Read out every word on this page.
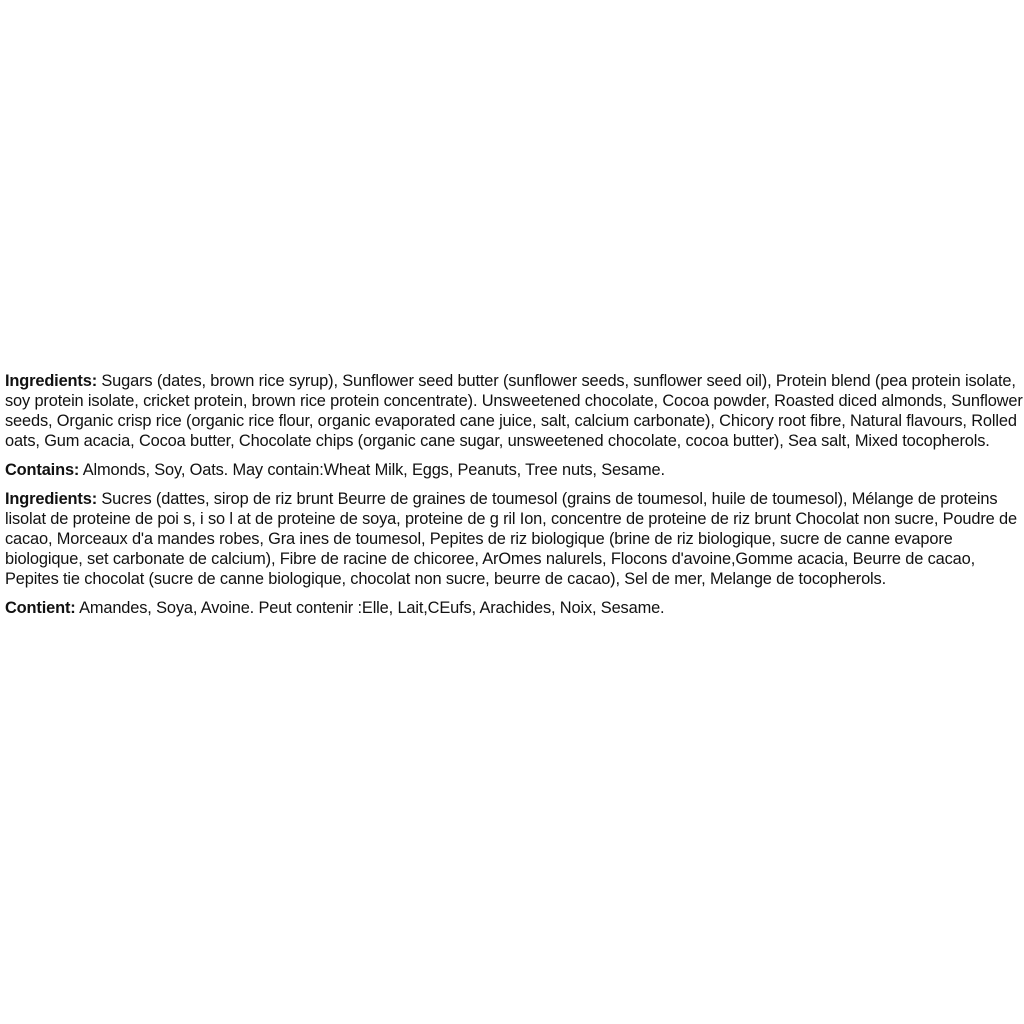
Ingredients: Sugars (dates, brown rice syrup), Sunflower seed butter (sunflower seeds, sunflower seed oil), Protein blend (pea protein isolate, soy protein isolate, cricket protein, brown rice protein concentrate). Unsweetened chocolate, Cocoa powder, Roasted diced almonds, Sunflower seeds, Organic crisp rice (organic rice flour, organic evaporated cane juice, salt, calcium carbonate), Chicory root fibre, Natural flavours, Rolled oats, Gum acacia, Cocoa butter, Chocolate chips (organic cane sugar, unsweetened chocolate, cocoa butter), Sea salt, Mixed tocopherols.

Contains: Almonds, Soy, Oats. May contain:Wheat Milk, Eggs, Peanuts, Tree nuts, Sesame.

Ingredients: Sucres (dattes, sirop de riz brunt Beurre de graines de toumesol (grains de toumesol, huile de toumesol), Mélange de proteins lisolat de proteine de poi s, i so l at de proteine de soya, proteine de g ril Ion, concentre de proteine de riz brunt Chocolat non sucre, Poudre de cacao, Morceaux d'a mandes robes, Gra ines de toumesol, Pepites de riz biologique (brine de riz biologique, sucre de canne evapore biologique, set carbonate de calcium), Fibre de racine de chicoree, ArOmes nalurels, Flocons d'avoine,Gomme acacia, Beurre de cacao, Pepites tie chocolat (sucre de canne biologique, chocolat non sucre, beurre de cacao), Sel de mer, Melange de tocopherols.

Contient: Amandes, Soya, Avoine. Peut contenir :Elle, Lait,CEufs, Arachides, Noix, Sesame.
